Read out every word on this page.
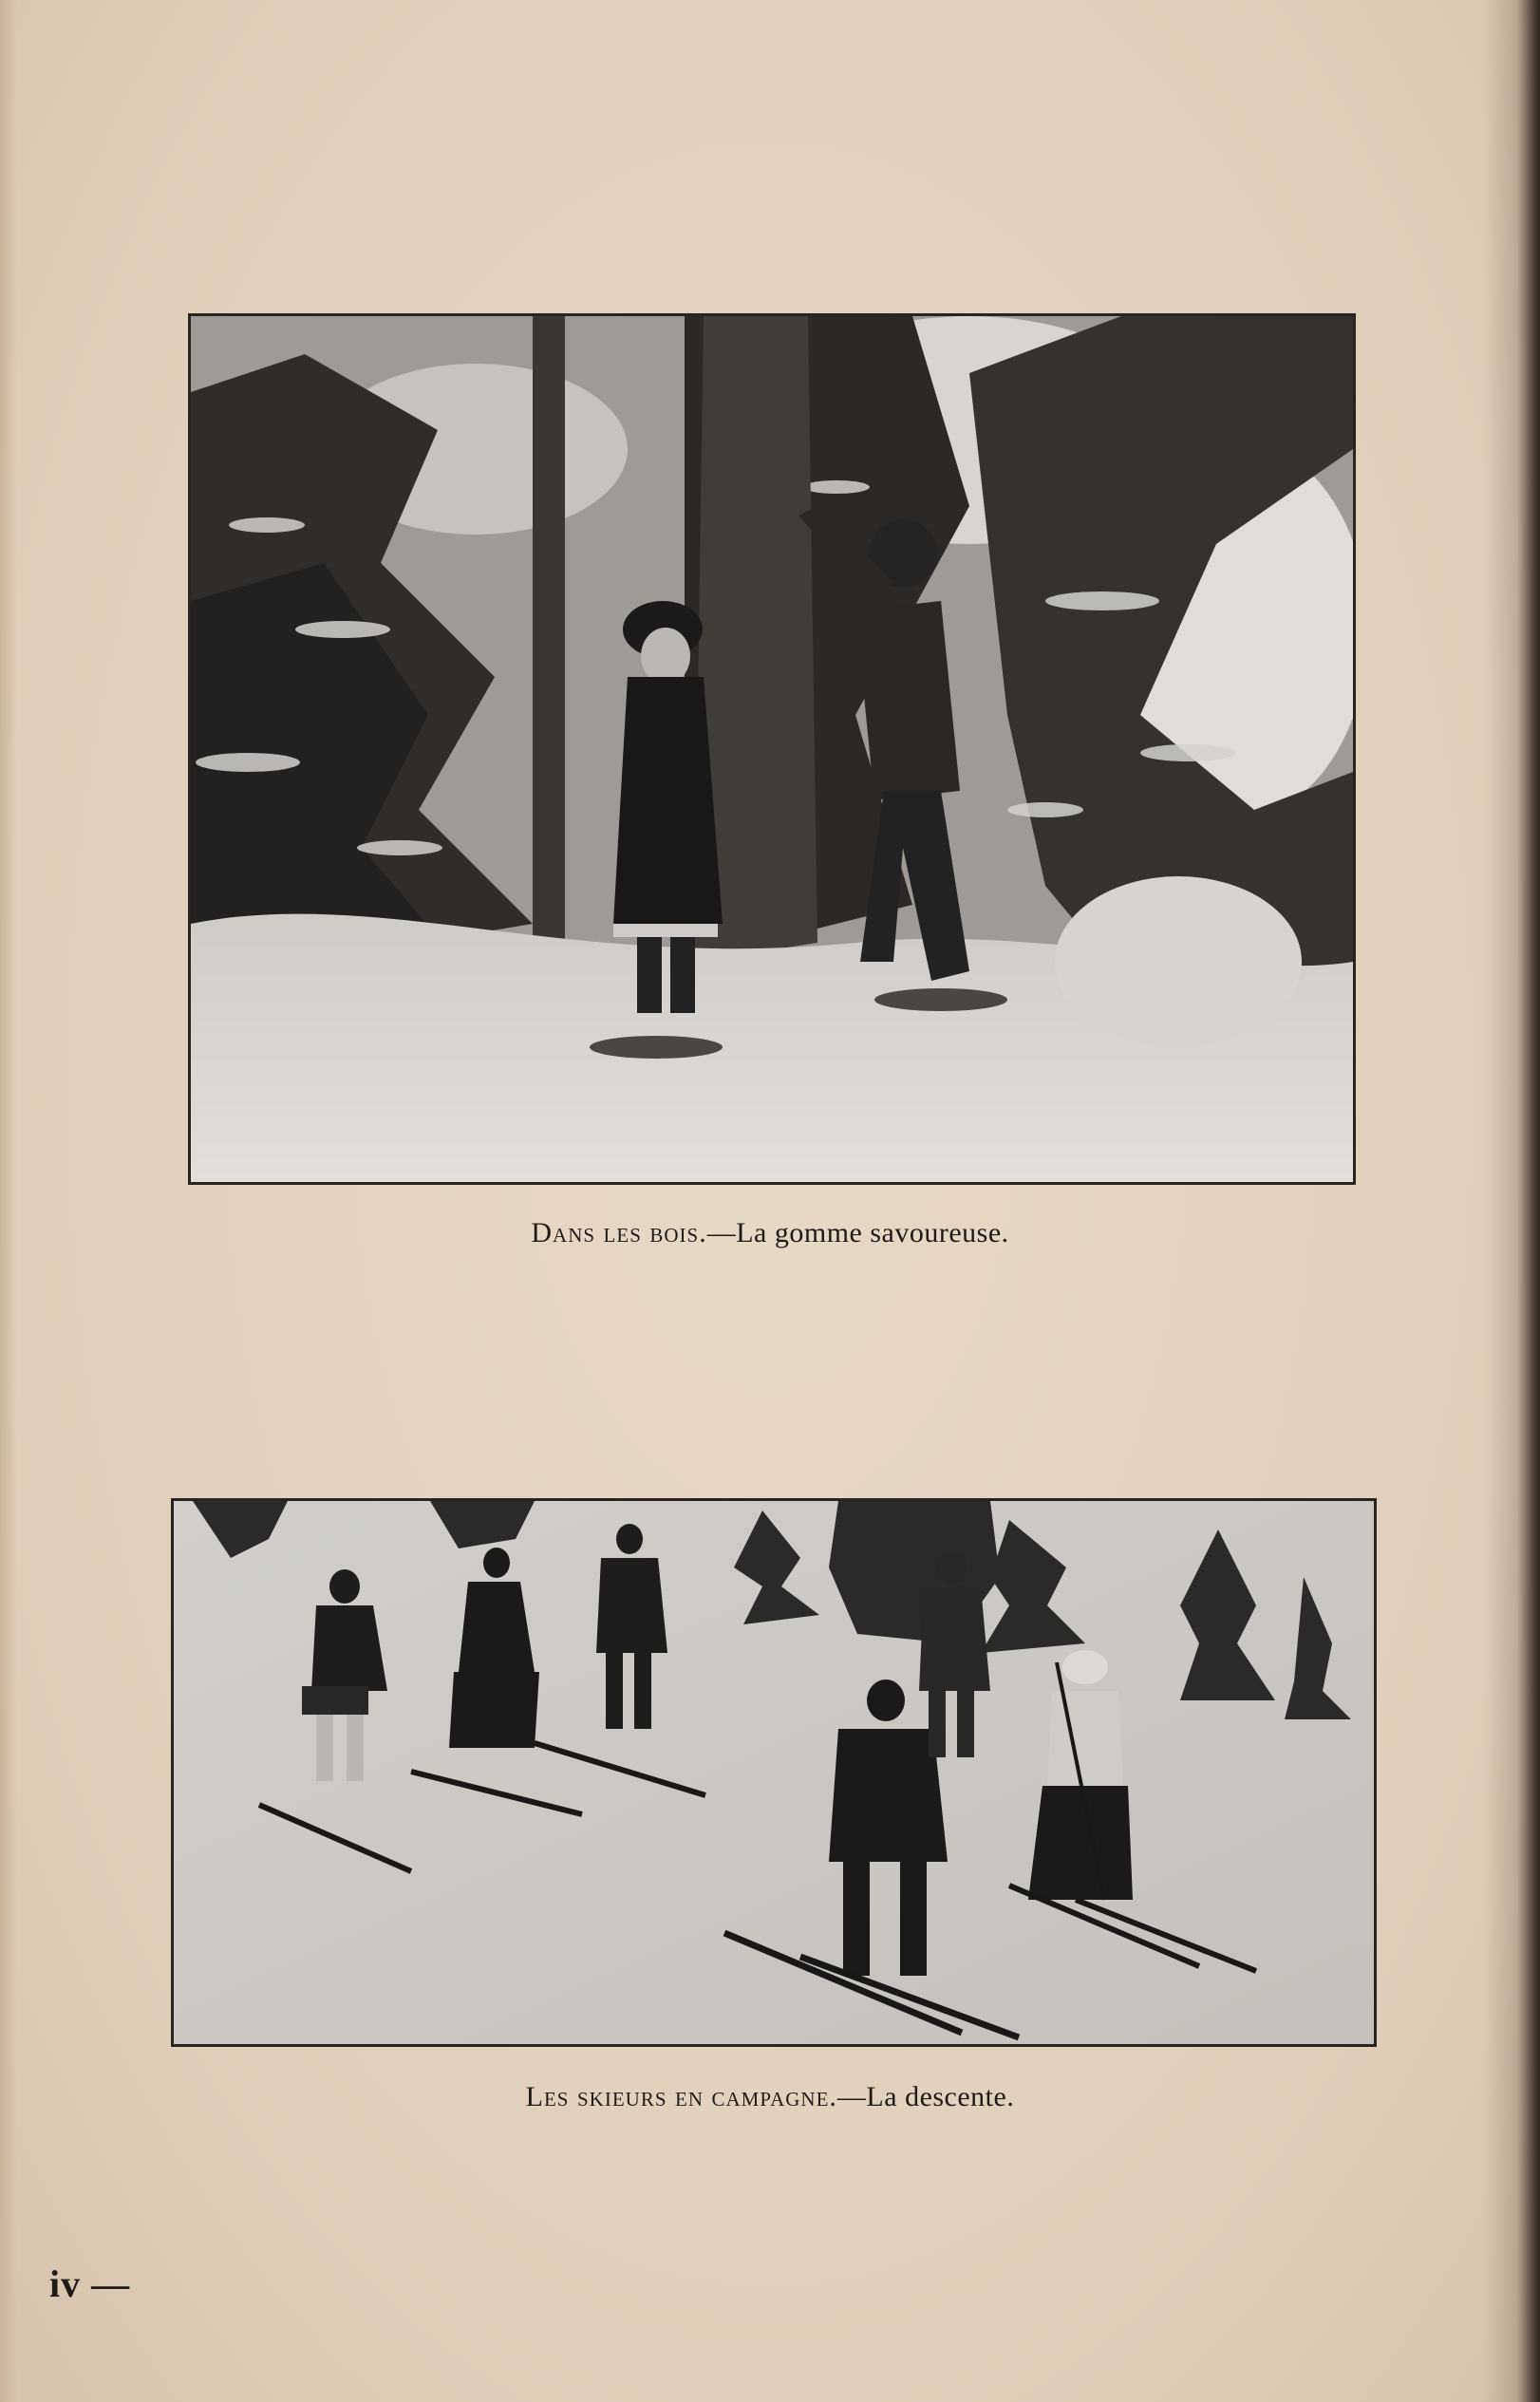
Dans les bois.—La gomme savoureuse.
Les skieurs en campagne.—La descente.
iv —
